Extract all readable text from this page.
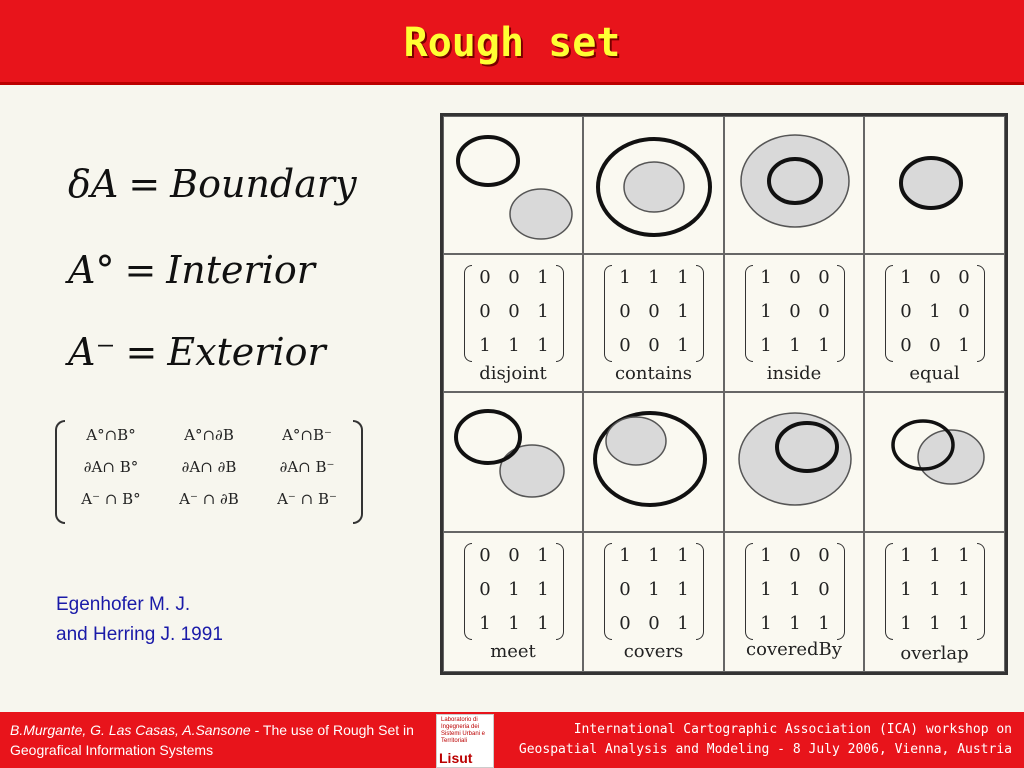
Rough set
δA = Boundary
A° = Interior
A⁻ = Exterior
A°∩B°	A°∩∂B	A°∩B⁻
∂A∩ B°	∂A∩ ∂B	∂A∩ B⁻
A⁻ ∩ B°	A⁻ ∩ ∂B	A⁻ ∩ B⁻
Egenhofer M. J.
and Herring J. 1991
0 0 1
0 0 1
1 1 1
disjoint
1 1 1
0 0 1
0 0 1
contains
1 0 0
1 0 0
1 1 1
inside
1 0 0
0 1 0
0 0 1
equal
0 0 1
0 1 1
1 1 1
meet
1 1 1
0 1 1
0 0 1
covers
1 0 0
1 1 0
1 1 1
coveredBy
1 1 1
1 1 1
1 1 1
overlap
B.Murgante, G. Las Casas, A.Sansone - The use of Rough Set in Geografical Information Systems
International Cartographic Association (ICA) workshop on
Geospatial Analysis and Modeling - 8 July 2006, Vienna, Austria
Laboratorio di Ingegneria dei Sistemi Urbani e Territoriali
Lisut
